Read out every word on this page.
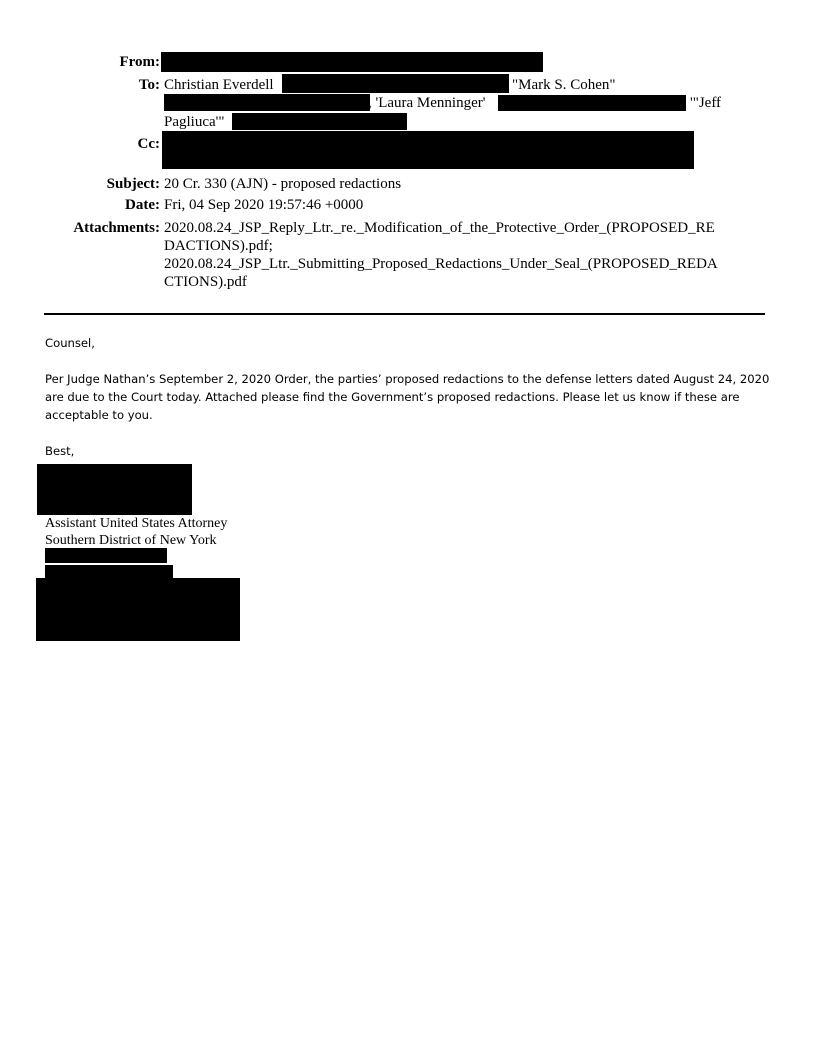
From:
To: Christian Everdell	"Mark S. Cohen"
, 'Laura Menninger'	'"Jeff
Pagliuca'"
Cc:
Subject: 20 Cr. 330 (AJN) - proposed redactions
Date: Fri, 04 Sep 2020 19:57:46 +0000
Attachments: 2020.08.24_JSP_Reply_Ltr._re._Modification_of_the_Protective_Order_(PROPOSED_RE
DACTIONS).pdf;
2020.08.24_JSP_Ltr._Submitting_Proposed_Redactions_Under_Seal_(PROPOSED_REDA
CTIONS).pdf
Counsel,
Per Judge Nathan’s September 2, 2020 Order, the parties’ proposed redactions to the defense letters dated August 24, 2020 are due to the Court today. Attached please find the Government’s proposed redactions. Please let us know if these are acceptable to you.
Best,
Assistant United States Attorney
Southern District of New York
